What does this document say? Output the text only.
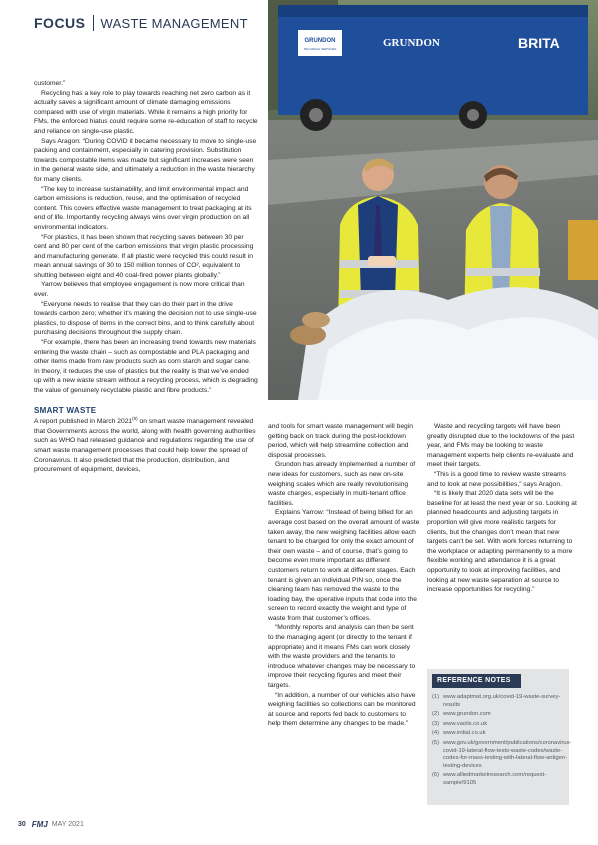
FOCUS WASTE MANAGEMENT
GRUNDON
TECHNICAL SERVICES	GRUNDON	BRITA

customer.”

Recycling has a key role to play towards reaching net zero carbon as it actually saves a significant amount of climate damaging emissions compared with use of virgin materials. While it remains a high priority for FMs, the enforced hiatus could require some re-education of staff to recycle and reliance on single-use plastic.

Says Aragon: “During COVID it became necessary to move to single-use packing and containment, especially in catering provision. Substitution towards compostable items was made but significant increases were seen in the general waste side, and ultimately a reduction in the waste hierarchy for many clients.

“The key to increase sustainability, and limit environmental impact and carbon emissions is reduction, reuse, and the optimisation of recycled content. This covers effective waste management to treat packaging at its end of life. Importantly recycling always wins over virgin production on all environmental indicators.

“For plastics, it has been shown that recycling saves between 30 per cent and 80 per cent of the carbon emissions that virgin plastic processing and manufacturing generate. If all plastic were recycled this could result in mean annual savings of 30 to 150 million tonnes of CO², equivalent to shutting between eight and 40 coal-fired power plants globally.”

Yarrow believes that employee engagement is now more critical than ever.

“Everyone needs to realise that they can do their part in the drive towards carbon zero; whether it’s making the decision not to use single-use plastics, to dispose of items in the correct bins, and to think carefully about purchasing decisions throughout the supply chain.

“For example, there has been an increasing trend towards new materials entering the waste chain – such as compostable and PLA packaging and other items made from raw products such as corn starch and sugar cane. In theory, it reduces the use of plastics but the reality is that we’ve ended up with a new waste stream without a recycling process, which is degrading the value of genuinely recyclable plastic and fibre products.”

SMART WASTE

A report published in March 2021$^{(6)}$ on smart waste management revealed that Governments across the world, along with health governing authorities such as WHO had released guidance and regulations regarding the use of smart waste management processes that could help lower the spread of Coronavirus. It also predicted that the production, distribution, and procurement of equipment, devices,

and tools for smart waste management will begin getting back on track during the post-lockdown period, which will help streamline collection and disposal processes.

Grundon has already implemented a number of new ideas for customers, such as new on-site weighing scales which are really revolutionising waste charges, especially in multi-tenant office facilities.

Explains Yarrow: “Instead of being billed for an average cost based on the overall amount of waste taken away, the new weighing facilities allow each tenant to be charged for only the exact amount of their own waste – and of course, that’s going to become even more important as different customers return to work at different stages. Each tenant is given an individual PIN so, once the cleaning team has removed the waste to the loading bay, the operative inputs that code into the screen to record exactly the weight and type of waste from that customer’s offices.

“Monthly reports and analysis can then be sent to the managing agent (or directly to the tenant if appropriate) and it means FMs can work closely with the waste providers and the tenants to introduce whatever changes may be necessary to improve their recycling figures and meet their targets.

“In addition, a number of our vehicles also have weighing facilities so collections can be monitored at source and reports fed back to customers to help them determine any changes to be made.”

Waste and recycling targets will have been greatly disrupted due to the lockdowns of the past year, and FMs may be looking to waste management experts help clients re-evaluate and meet their targets.

“This is a good time to review waste streams and to look at new possibilities,” says Aragon.

“It is likely that 2020 data sets will be the baseline for at least the next year or so. Looking at planned headcounts and adjusting targets in proportion will give more realistic targets for clients, but the changes don’t mean that new targets can’t be set. With work forces returning to the workplace or adapting permanently to a more flexible working and attendance it is a great opportunity to look at improving facilities, and looking at new waste separation at source to increase opportunities for recycling.”

REFERENCE NOTES
(1) www.adaptmat.org.uk/covid-19-waste-survey-results
(2) www.grundon.com
(3) www.vaolis.co.uk
(4) www.initial.co.uk
(5) www.gov.uk/government/publications/coronavirus-covid-19-lateral-flow-tests-waste-codes/waste-codes-for-mass-testing-with-lateral-flow-antigen-testing-devices
(6) www.alliedmarketresearch.com/request-sample/9105
30 FMJ MAY 2021
